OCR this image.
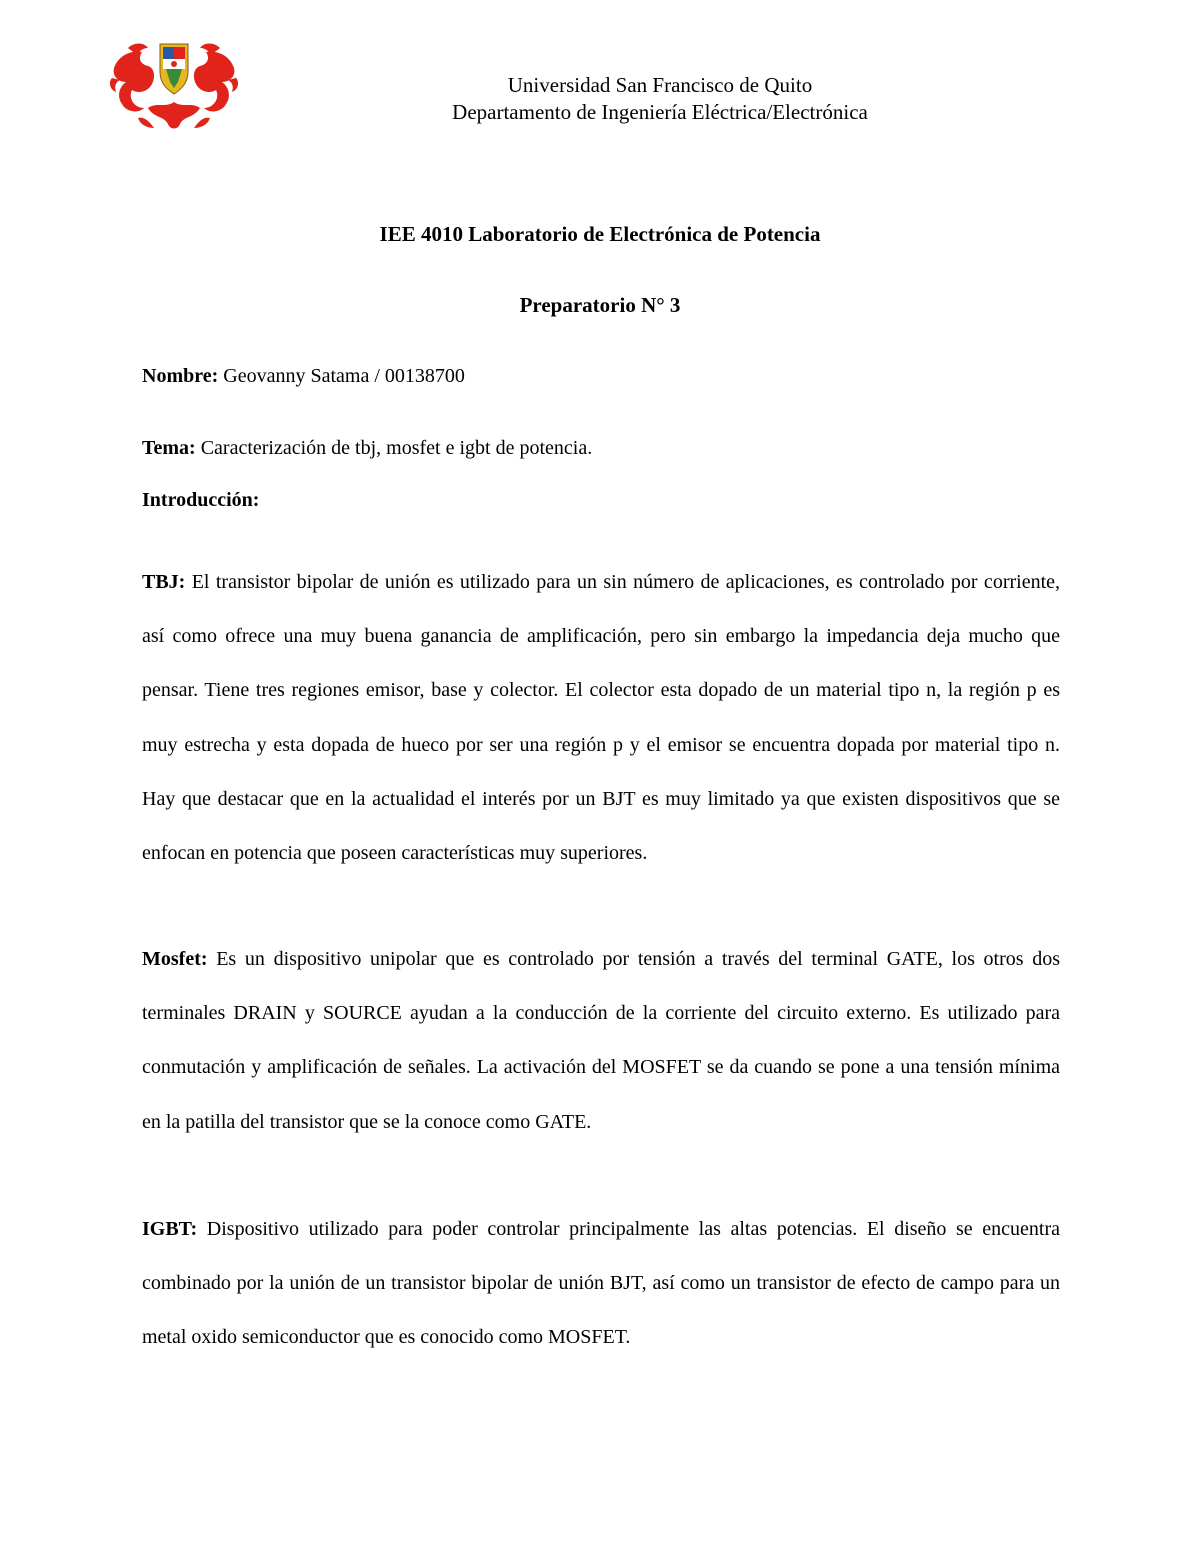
Universidad San Francisco de Quito
Departamento de Ingeniería Eléctrica/Electrónica
IEE 4010 Laboratorio de Electrónica de Potencia
Preparatorio N° 3
Nombre: Geovanny Satama / 00138700
Tema: Caracterización de tbj, mosfet e igbt de potencia.
Introducción:
TBJ: El transistor bipolar de unión es utilizado para un sin número de aplicaciones, es controlado por corriente, así como ofrece una muy buena ganancia de amplificación, pero sin embargo la impedancia deja mucho que pensar. Tiene tres regiones emisor, base y colector. El colector esta dopado de un material tipo n, la región p es muy estrecha y esta dopada de hueco por ser una región p y el emisor se encuentra dopada por material tipo n. Hay que destacar que en la actualidad el interés por un BJT es muy limitado ya que existen dispositivos que se enfocan en potencia que poseen características muy superiores.
Mosfet: Es un dispositivo unipolar que es controlado por tensión a través del terminal GATE, los otros dos terminales DRAIN y SOURCE ayudan a la conducción de la corriente del circuito externo. Es utilizado para conmutación y amplificación de señales. La activación del MOSFET se da cuando se pone a una tensión mínima en la patilla del transistor que se la conoce como GATE.
IGBT: Dispositivo utilizado para poder controlar principalmente las altas potencias. El diseño se encuentra combinado por la unión de un transistor bipolar de unión BJT, así como un transistor de efecto de campo para un metal oxido semiconductor que es conocido como MOSFET.
